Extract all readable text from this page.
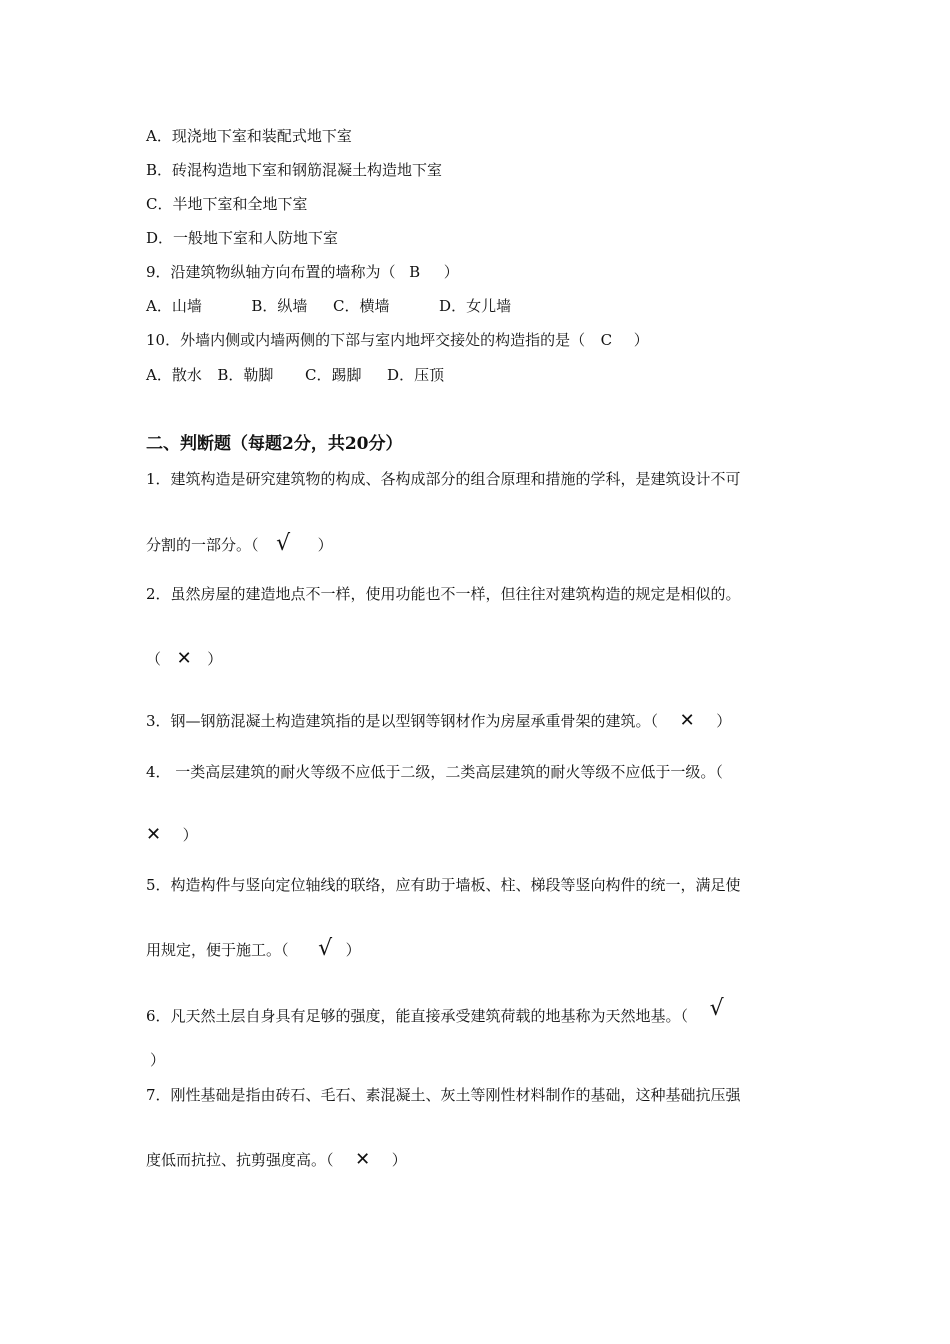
A．现浇地下室和装配式地下室
B．砖混构造地下室和钢筋混凝土构造地下室
C．半地下室和全地下室
D．一般地下室和人防地下室
9．沿建筑物纵轴方向布置的墙称为（ B ）
A．山墙	B．纵墙 C．横墙	D．女儿墙
10．外墙内侧或内墙两侧的下部与室内地坪交接处的构造指的是（ C ）
A．散水 B．勒脚 C．踢脚 D．压顶
二、判断题（每题2分，共20分）
1．建筑构造是研究建筑物的构成、各构成部分的组合原理和措施的学科，是建筑设计不可
分割的一部分。（ √ ）
2．虽然房屋的建造地点不一样，使用功能也不一样，但往往对建筑构造的规定是相似的。
（ ✕ ）
3．钢—钢筋混凝土构造建筑指的是以型钢等钢材作为房屋承重骨架的建筑。（ ✕ ）
4． 一类高层建筑的耐火等级不应低于二级，二类高层建筑的耐火等级不应低于一级。（
✕ ）
5．构造构件与竖向定位轴线的联络，应有助于墙板、柱、梯段等竖向构件的统一，满足使
用规定，便于施工。（ √ ）
6．凡天然土层自身具有足够的强度，能直接承受建筑荷载的地基称为天然地基。（ √
）
7．刚性基础是指由砖石、毛石、素混凝土、灰土等刚性材料制作的基础，这种基础抗压强
度低而抗拉、抗剪强度高。（ ✕ ）
